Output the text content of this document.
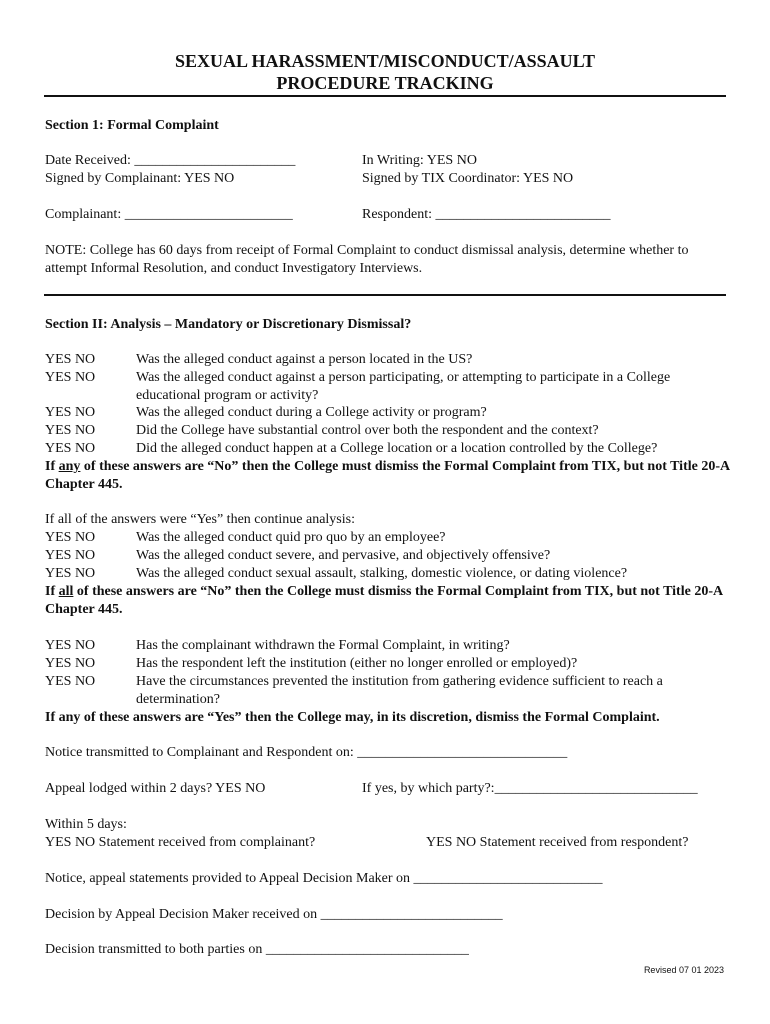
SEXUAL HARASSMENT/MISCONDUCT/ASSAULT
PROCEDURE TRACKING
Section 1: Formal Complaint
Date Received: _______________________	In Writing: YES NO
Signed by Complainant: YES NO	Signed by TIX Coordinator: YES NO
Complainant: ________________________	Respondent: _________________________
NOTE: College has 60 days from receipt of Formal Complaint to conduct dismissal analysis, determine whether to attempt Informal Resolution, and conduct Investigatory Interviews.
Section II: Analysis – Mandatory or Discretionary Dismissal?
YES NO	Was the alleged conduct against a person located in the US?
YES NO	Was the alleged conduct against a person participating, or attempting to participate in a College educational program or activity?
YES NO	Was the alleged conduct during a College activity or program?
YES NO	Did the College have substantial control over both the respondent and the context?
YES NO	Did the alleged conduct happen at a College location or a location controlled by the College?
If any of these answers are “No” then the College must dismiss the Formal Complaint from TIX, but not Title 20-A Chapter 445.
If all of the answers were “Yes” then continue analysis:
YES NO	Was the alleged conduct quid pro quo by an employee?
YES NO	Was the alleged conduct severe, and pervasive, and objectively offensive?
YES NO	Was the alleged conduct sexual assault, stalking, domestic violence, or dating violence?
If all of these answers are “No” then the College must dismiss the Formal Complaint from TIX, but not Title 20-A Chapter 445.
YES NO	Has the complainant withdrawn the Formal Complaint, in writing?
YES NO	Has the respondent left the institution (either no longer enrolled or employed)?
YES NO	Have the circumstances prevented the institution from gathering evidence sufficient to reach a determination?
If any of these answers are “Yes” then the College may, in its discretion, dismiss the Formal Complaint.
Notice transmitted to Complainant and Respondent on: ______________________________
Appeal lodged within 2 days? YES NO	If yes, by which party?:_____________________________
Within 5 days:
YES NO Statement received from complainant?	YES NO Statement received from respondent?
Notice, appeal statements provided to Appeal Decision Maker on ___________________________
Decision by Appeal Decision Maker received on __________________________
Decision transmitted to both parties on _____________________________
Revised 07 01 2023
